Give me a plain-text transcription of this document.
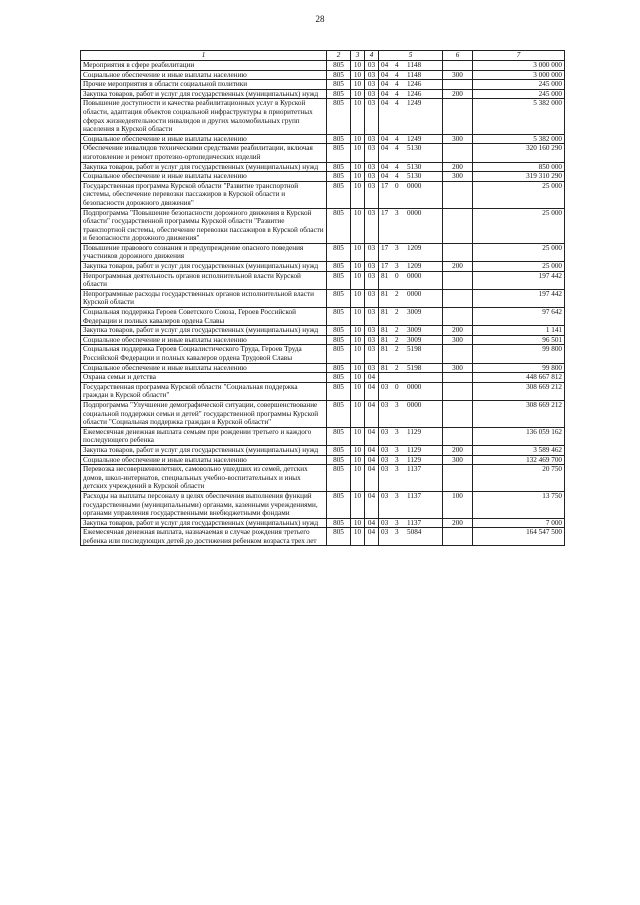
28
1	2	3	4	5	6	7
Мероприятия в сфере реабилитации	805	10	03	04 4 1148		3 000 000
Социальное обеспечение и иные выплаты населению	805	10	03	04 4 1148	300	3 000 000
Прочие мероприятия в области социальной политики	805	10	03	04 4 1246		245 000
Закупка товаров, работ и услуг для государственных (муниципальных) нужд	805	10	03	04 4 1246	200	245 000
Повышение доступности и качества реабилитационных услуг в Курской области, адаптация объектов социальной инфраструктуры в приоритетных сферах жизнедеятельности инвалидов и других маломобильных групп населения в Курской области	805	10	03	04 4 1249		5 382 000
Социальное обеспечение и иные выплаты населению	805	10	03	04 4 1249	300	5 382 000
Обеспечение инвалидов техническими средствами реабилитации, включая изготовление и ремонт протезно-ортопедических изделий	805	10	03	04 4 5130		320 160 290
Закупка товаров, работ и услуг для государственных (муниципальных) нужд	805	10	03	04 4 5130	200	850 000
Социальное обеспечение и иные выплаты населению	805	10	03	04 4 5130	300	319 310 290
Государственная программа Курской области "Развитие транспортной системы, обеспечение перевозки пассажиров в Курской области и безопасности дорожного движения"	805	10	03	17 0 0000		25 000
Подпрограмма "Повышение безопасности дорожного движения в Курской области" государственной программы Курской области "Развитие транспортной системы, обеспечение перевозки пассажиров в Курской области и безопасности дорожного движения"	805	10	03	17 3 0000		25 000
Повышение правового сознания и предупреждение опасного поведения участников дорожного движения	805	10	03	17 3 1209		25 000
Закупка товаров, работ и услуг для государственных (муниципальных) нужд	805	10	03	17 3 1209	200	25 000
Непрограммная деятельность органов исполнительной власти Курской области	805	10	03	81 0 0000		197 442
Непрограммные расходы государственных органов исполнительной власти Курской области	805	10	03	81 2 0000		197 442
Социальная поддержка Героев Советского Союза, Героев Российской Федерации и полных кавалеров ордена Славы	805	10	03	81 2 3009		97 642
Закупка товаров, работ и услуг для государственных (муниципальных) нужд	805	10	03	81 2 3009	200	1 141
Социальное обеспечение и иные выплаты населению	805	10	03	81 2 3009	300	96 501
Социальная поддержка Героев Социалистического Труда, Героев Труда Российской Федерации и полных кавалеров ордена Трудовой Славы	805	10	03	81 2 5198		99 800
Социальное обеспечение и иные выплаты населению	805	10	03	81 2 5198	300	99 800
Охрана семьи и детства	805	10	04			448 667 812
Государственная программа Курской области "Социальная поддержка граждан в Курской области"	805	10	04	03 0 0000		308 669 212
Подпрограмма "Улучшение демографической ситуации, совершенствование социальной поддержки семьи и детей" государственной программы Курской области "Социальная поддержка граждан в Курской области"	805	10	04	03 3 0000		308 669 212
Ежемесячная денежная выплата семьям при рождении третьего и каждого последующего ребенка	805	10	04	03 3 1129		136 059 162
Закупка товаров, работ и услуг для государственных (муниципальных) нужд	805	10	04	03 3 1129	200	3 589 462
Социальное обеспечение и иные выплаты населению	805	10	04	03 3 1129	300	132 469 700
Перевозка несовершеннолетних, самовольно ушедших из семей, детских домов, школ-интернатов, специальных учебно-воспитательных и иных детских учреждений в Курской области	805	10	04	03 3 1137		20 750
Расходы на выплаты персоналу в целях обеспечения выполнения функций государственными (муниципальными) органами, казенными учреждениями, органами управления государственными внебюджетными фондами	805	10	04	03 3 1137	100	13 750
Закупка товаров, работ и услуг для государственных (муниципальных) нужд	805	10	04	03 3 1137	200	7 000
Ежемесячная денежная выплата, назначаемая в случае рождения третьего ребенка или последующих детей до достижения ребенком возраста трех лет	805	10	04	03 3 5084		164 547 500
